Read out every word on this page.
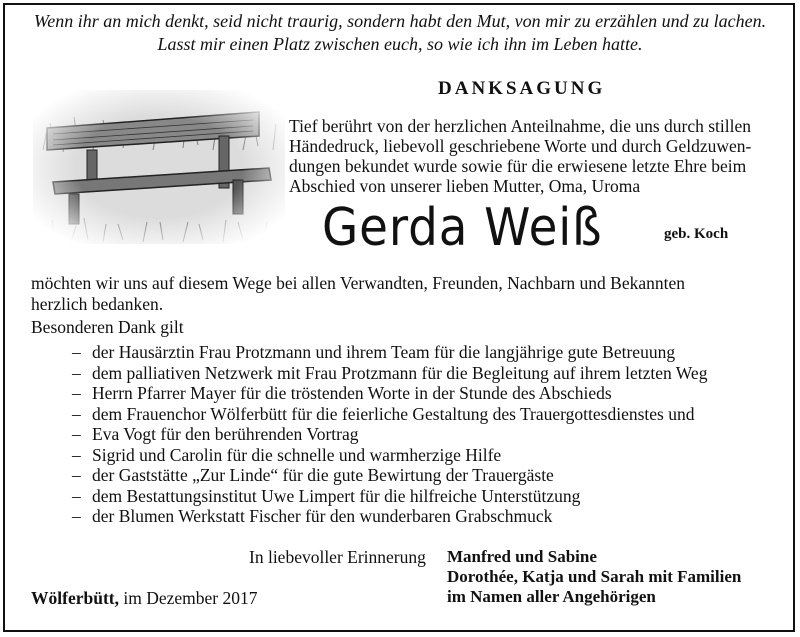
Wenn ihr an mich denkt, seid nicht traurig, sondern habt den Mut, von mir zu erzählen und zu lachen.
Lasst mir einen Platz zwischen euch, so wie ich ihn im Leben hatte.
DANKSAGUNG
Tief berührt von der herzlichen Anteilnahme, die uns durch stillen
Händedruck, liebevoll geschriebene Worte und durch Geldzuwen-
dungen bekundet wurde sowie für die erwiesene letzte Ehre beim
Abschied von unserer lieben Mutter, Oma, Uroma
Gerda Weiß	geb. Koch
möchten wir uns auf diesem Wege bei allen Verwandten, Freunden, Nachbarn und Bekannten
herzlich bedanken.
Besonderen Dank gilt
– der Hausärztin Frau Protzmann und ihrem Team für die langjährige gute Betreuung
– dem palliativen Netzwerk mit Frau Protzmann für die Begleitung auf ihrem letzten Weg
– Herrn Pfarrer Mayer für die tröstenden Worte in der Stunde des Abschieds
– dem Frauenchor Wölferbütt für die feierliche Gestaltung des Trauergottesdienstes und
– Eva Vogt für den berührenden Vortrag
– Sigrid und Carolin für die schnelle und warmherzige Hilfe
– der Gaststätte „Zur Linde“ für die gute Bewirtung der Trauergäste
– dem Bestattungsinstitut Uwe Limpert für die hilfreiche Unterstützung
– der Blumen Werkstatt Fischer für den wunderbaren Grabschmuck
In liebevoller Erinnerung Manfred und Sabine
Dorothée, Katja und Sarah mit Familien
im Namen aller Angehörigen
Wölferbütt, im Dezember 2017
